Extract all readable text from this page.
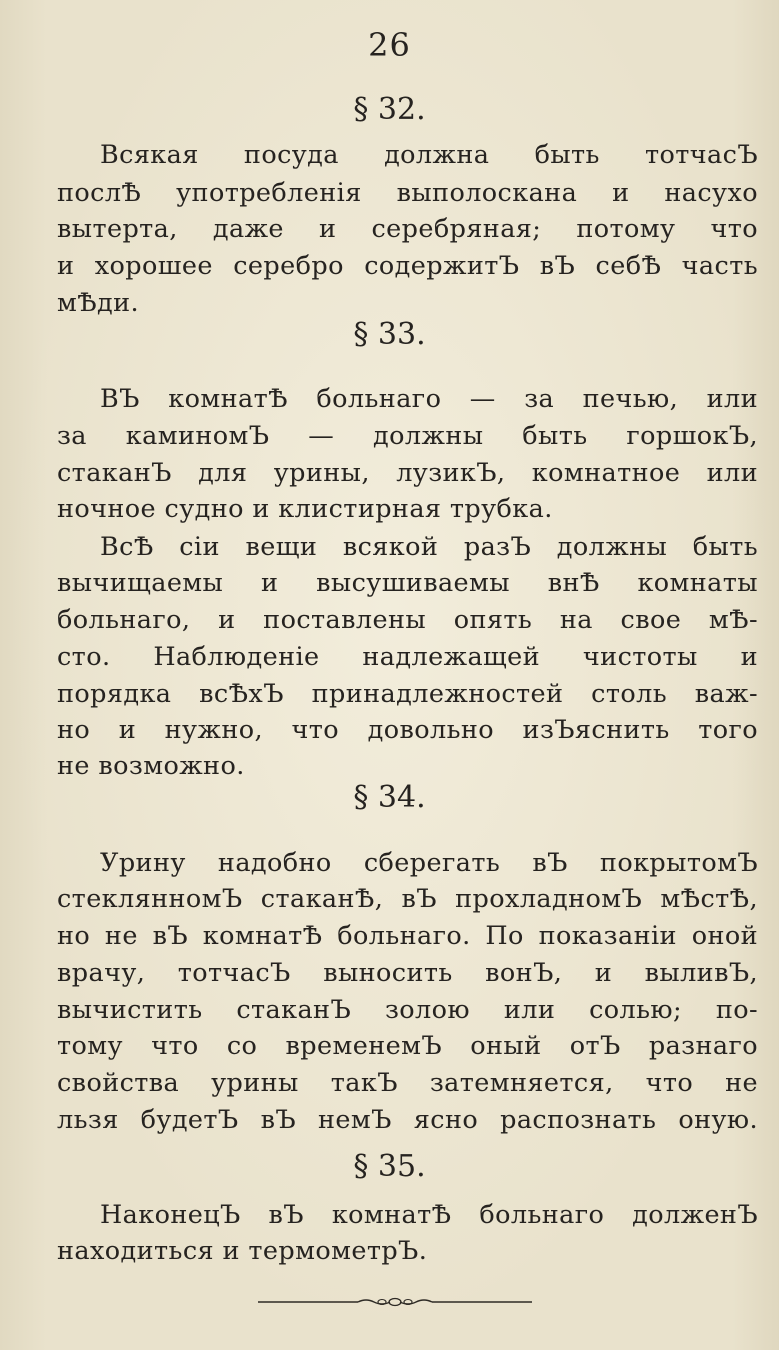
26
§ 32.
Всякая посуда должна быть тотчасЪ
послѢ употребленія выполоскана и насухо
вытерта, даже и серебряная; потому что
и хорошее серебро содержитЪ вЪ себѢ часть
мѢди.
§ 33.
ВЪ комнатѢ больнаго — за печью, или
за каминомЪ — должны быть горшокЪ,
стаканЪ для урины, лузикЪ, комнатное или
ночное судно и клистирная трубка.
ВсѢ сіи вещи всякой разЪ должны быть
вычищаемы и высушиваемы внѢ комнаты
больнаго, и поставлены опять на свое мѢ-
сто. Наблюденіе надлежащей чистоты и
порядка всѢхЪ принадлежностей столь важ-
но и нужно, что довольно изЪяснить того
не возможно.
§ 34.
Урину надобно сберегать вЪ покрытомЪ
стеклянномЪ стаканѢ, вЪ прохладномЪ мѢстѢ,
но не вЪ комнатѢ больнаго. По показаніи оной
врачу, тотчасЪ выносить вонЪ, и выливЪ,
вычистить стаканЪ золою или солью; по-
тому что со временемЪ оный отЪ разнаго
свойства урины такЪ затемняется, что не
льзя будетЪ вЪ немЪ ясно распознать оную.
§ 35.
НаконецЪ вЪ комнатѢ больнаго долженЪ
находиться и термометрЪ.
